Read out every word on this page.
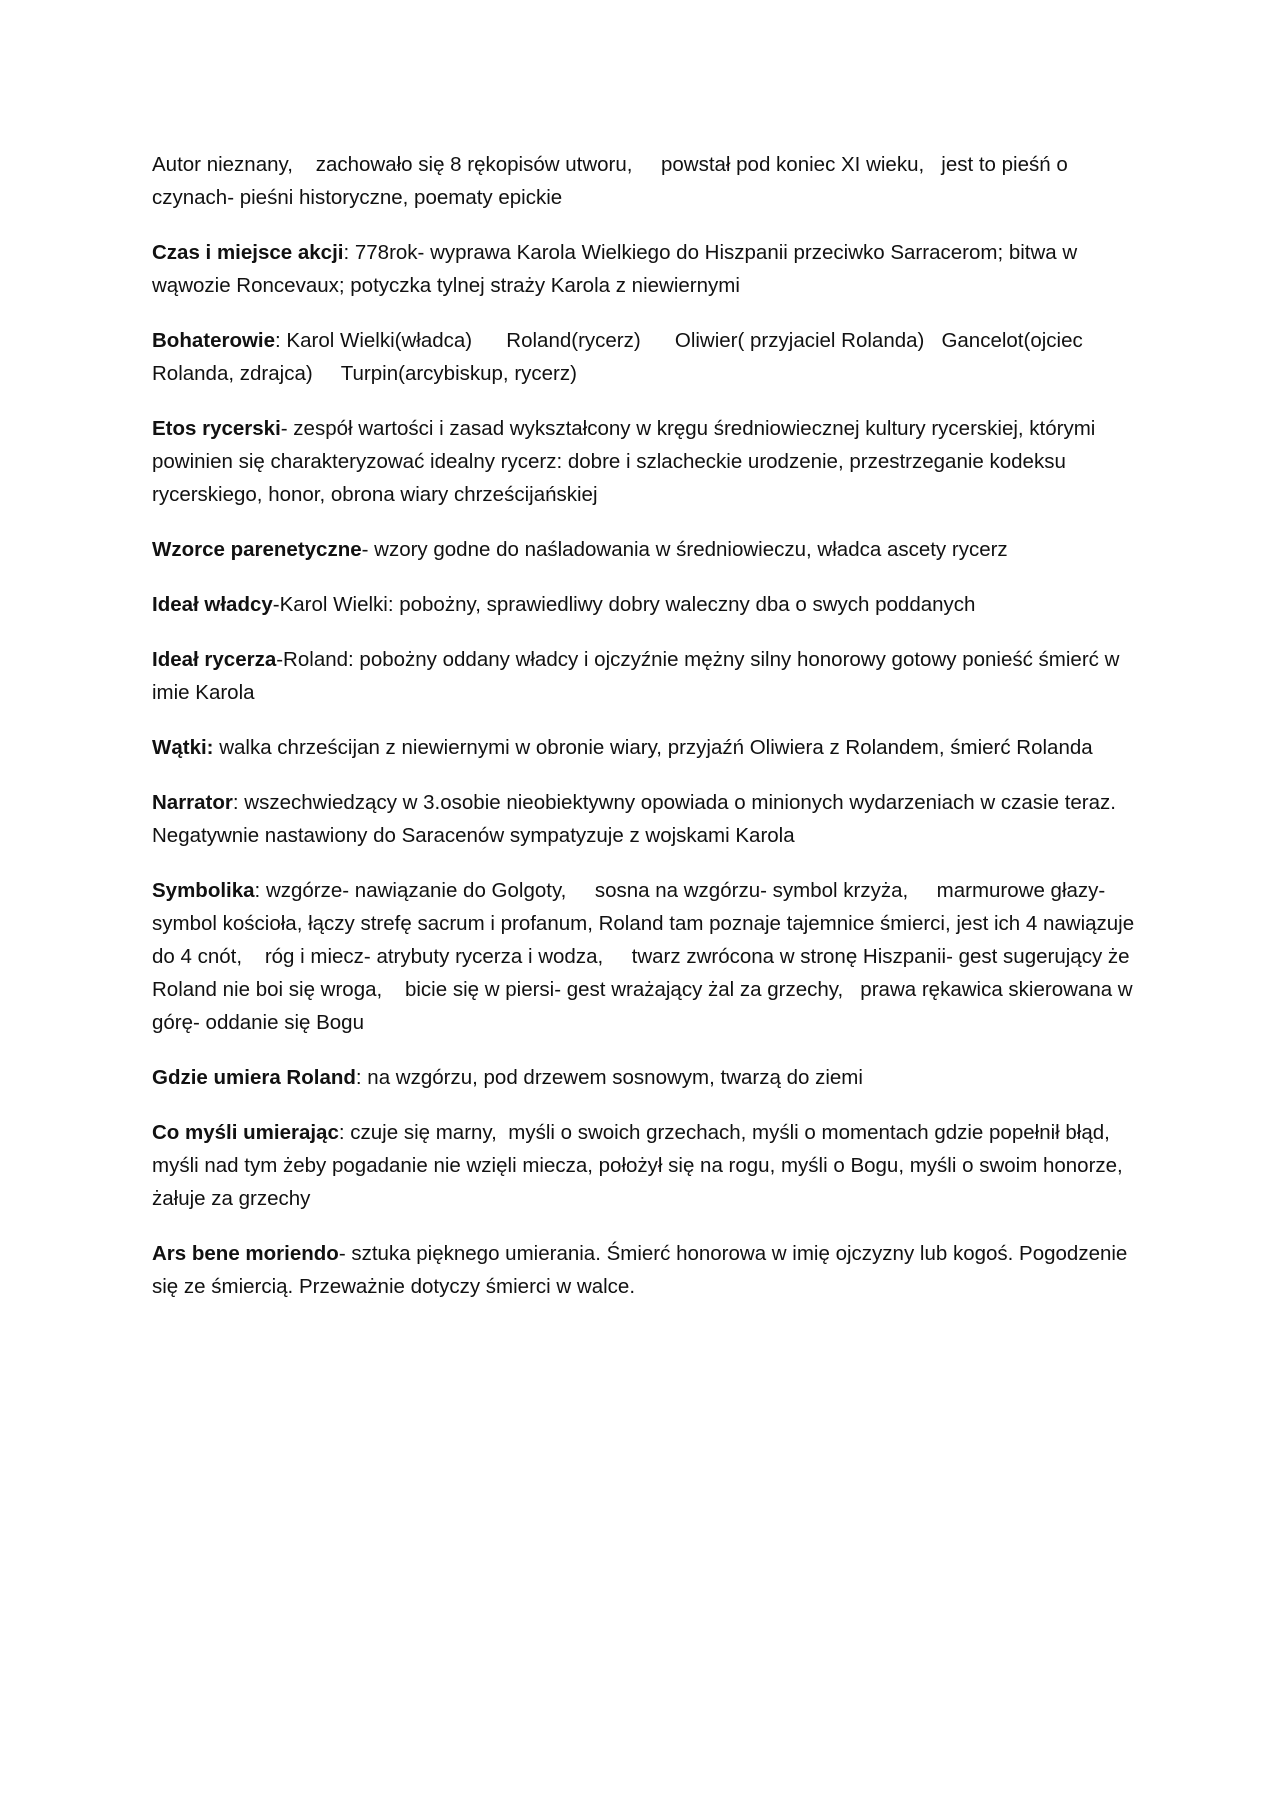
Autor nieznany,    zachowało się 8 rękopisów utworu,     powstał pod koniec XI wieku,   jest to pieśń o czynach- pieśni historyczne, poematy epickie

Czas i miejsce akcji: 778rok- wyprawa Karola Wielkiego do Hiszpanii przeciwko Sarracerom; bitwa w wąwozie Roncevaux; potyczka tylnej straży Karola z niewiernymi

Bohaterowie: Karol Wielki(władca)      Roland(rycerz)      Oliwier( przyjaciel Rolanda)   Gancelot(ojciec Rolanda, zdrajca)     Turpin(arcybiskup, rycerz)

Etos rycerski- zespół wartości i zasad wykształcony w kręgu średniowiecznej kultury rycerskiej, którymi powinien się charakteryzować idealny rycerz: dobre i szlacheckie urodzenie, przestrzeganie kodeksu rycerskiego, honor, obrona wiary chrześcijańskiej

Wzorce parenetyczne- wzory godne do naśladowania w średniowieczu, władca ascety rycerz

Ideał władcy-Karol Wielki: pobożny, sprawiedliwy dobry waleczny dba o swych poddanych

Ideał rycerza-Roland: pobożny oddany władcy i ojczyźnie mężny silny honorowy gotowy ponieść śmierć w imie Karola

Wątki: walka chrześcijan z niewiernymi w obronie wiary, przyjaźń Oliwiera z Rolandem, śmierć Rolanda

Narrator: wszechwiedzący w 3.osobie nieobiektywny opowiada o minionych wydarzeniach w czasie teraz. Negatywnie nastawiony do Saracenów sympatyzuje z wojskami Karola

Symbolika: wzgórze- nawiązanie do Golgoty,     sosna na wzgórzu- symbol krzyża,     marmurowe głazy- symbol kościoła, łączy strefę sacrum i profanum, Roland tam poznaje tajemnice śmierci, jest ich 4 nawiązuje do 4 cnót,    róg i miecz- atrybuty rycerza i wodza,     twarz zwrócona w stronę Hiszpanii- gest sugerujący że Roland nie boi się wroga,    bicie się w piersi- gest wrażający żal za grzechy,   prawa rękawica skierowana w górę- oddanie się Bogu

Gdzie umiera Roland: na wzgórzu, pod drzewem sosnowym, twarzą do ziemi

Co myśli umierając: czuje się marny,  myśli o swoich grzechach, myśli o momentach gdzie popełnił błąd, myśli nad tym żeby pogadanie nie wzięli miecza, położył się na rogu, myśli o Bogu, myśli o swoim honorze, żałuje za grzechy

Ars bene moriendo- sztuka pięknego umierania. Śmierć honorowa w imię ojczyzny lub kogoś. Pogodzenie się ze śmiercią. Przeważnie dotyczy śmierci w walce.
